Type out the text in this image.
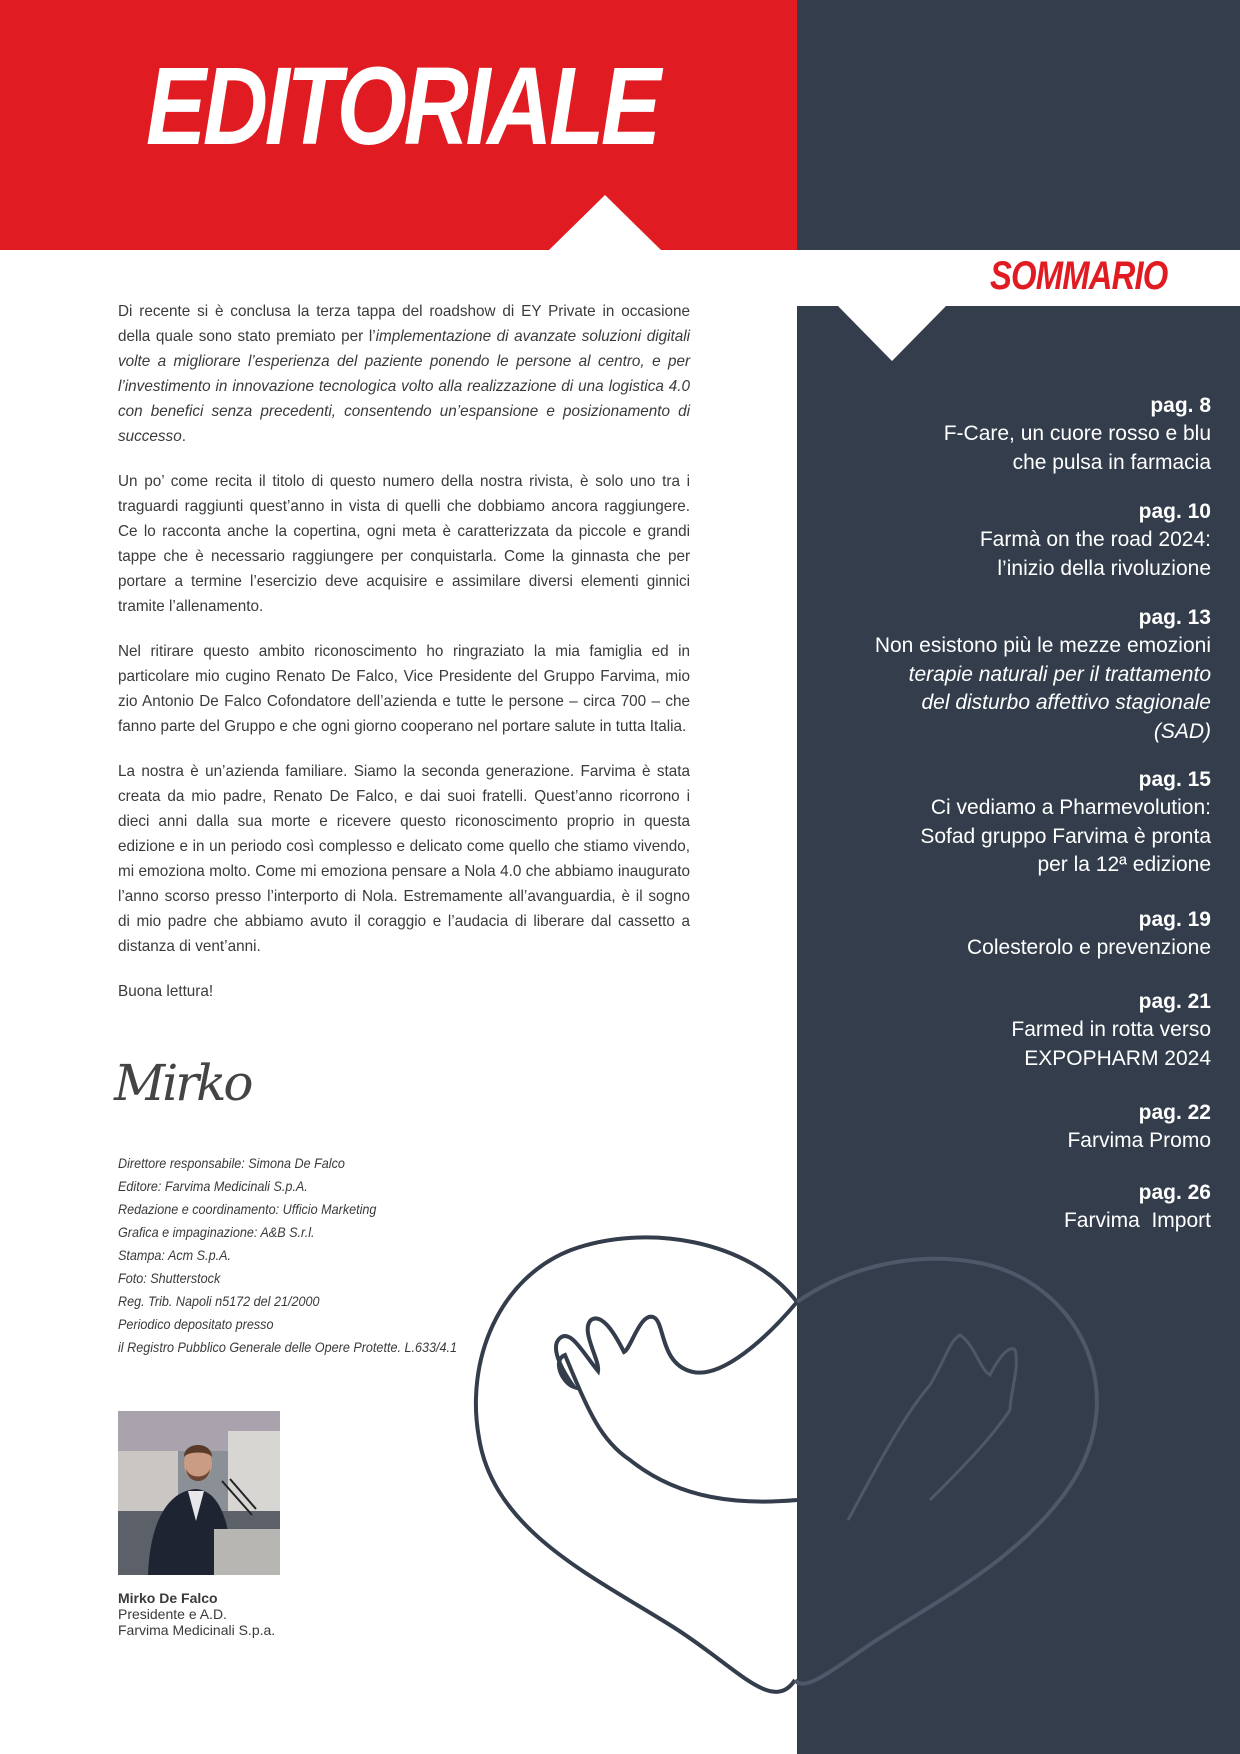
EDITORIALE
SOMMARIO

Di recente si è conclusa la terza tappa del roadshow di EY Private in occasione della quale sono stato premiato per l’implementazione di avanzate soluzioni digitali volte a migliorare l’esperienza del paziente ponendo le persone al centro, e per l’investimento in innovazione tecnologica volto alla realizzazione di una logistica 4.0 con benefici senza precedenti, consentendo un’espansione e posizionamento di successo.

Un po’ come recita il titolo di questo numero della nostra rivista, è solo uno tra i traguardi raggiunti quest’anno in vista di quelli che dobbiamo ancora raggiungere. Ce lo racconta anche la copertina, ogni meta è caratterizzata da piccole e grandi tappe che è necessario raggiungere per conquistarla. Come la ginnasta che per portare a termine l’esercizio deve acquisire e assimilare diversi elementi ginnici tramite l’allenamento.

Nel ritirare questo ambito riconoscimento ho ringraziato la mia famiglia ed in particolare mio cugino Renato De Falco, Vice Presidente del Gruppo Farvima, mio zio Antonio De Falco Cofondatore dell’azienda e tutte le persone – circa 700 – che fanno parte del Gruppo e che ogni giorno cooperano nel portare salute in tutta Italia.

La nostra è un’azienda familiare. Siamo la seconda generazione. Farvima è stata creata da mio padre, Renato De Falco, e dai suoi fratelli. Quest’anno ricorrono i dieci anni dalla sua morte e ricevere questo riconoscimento proprio in questa edizione e in un periodo così complesso e delicato come quello che stiamo vivendo, mi emoziona molto. Come mi emoziona pensare a Nola 4.0 che abbiamo inaugurato l’anno scorso presso l’interporto di Nola. Estremamente all’avanguardia, è il sogno di mio padre che abbiamo avuto il coraggio e l’audacia di liberare dal cassetto a distanza di vent’anni.

Buona lettura!

Mirko
Direttore responsabile: Simona De Falco
Editore: Farvima Medicinali S.p.A.
Redazione e coordinamento: Ufficio Marketing
Grafica e impaginazione: A&B S.r.l.
Stampa: Acm S.p.A.
Foto: Shutterstock
Reg. Trib. Napoli n5172 del 21/2000
Periodico depositato presso
il Registro Pubblico Generale delle Opere Protette. L.633/4.1
Mirko De Falco
Presidente e A.D.
Farvima Medicinali S.p.a.
pag. 8
F-Care, un cuore rosso e blu
che pulsa in farmacia
pag. 10
Farmà on the road 2024:
l’inizio della rivoluzione
pag. 13
Non esistono più le mezze emozioni
terapie naturali per il trattamento
del disturbo affettivo stagionale
(SAD)
pag. 15
Ci vediamo a Pharmevolution:
Sofad gruppo Farvima è pronta
per la 12ª edizione
pag. 19
Colesterolo e prevenzione
pag. 21
Farmed in rotta verso
EXPOPHARM 2024
pag. 22
Farvima Promo
pag. 26
Farvima  Import
